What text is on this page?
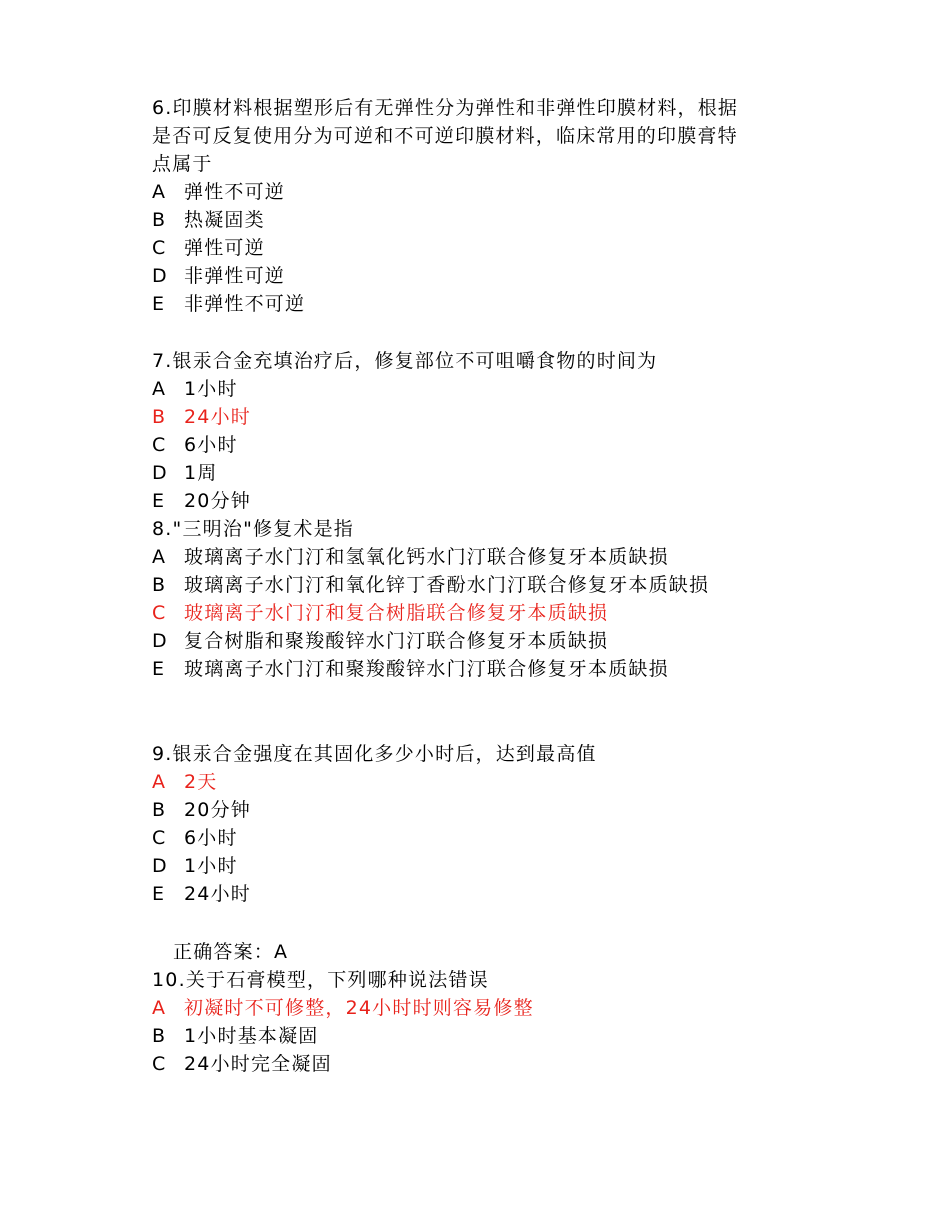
6.印膜材料根据塑形后有无弹性分为弹性和非弹性印膜材料，根据
是否可反复使用分为可逆和不可逆印膜材料，临床常用的印膜膏特
点属于
A 弹性不可逆
B 热凝固类
C 弹性可逆
D 非弹性可逆
E 非弹性不可逆
7.银汞合金充填治疗后，修复部位不可咀嚼食物的时间为
A 1小时
B 24小时
C 6小时
D 1周
E 20分钟
8."三明治"修复术是指
A 玻璃离子水门汀和氢氧化钙水门汀联合修复牙本质缺损
B 玻璃离子水门汀和氧化锌丁香酚水门汀联合修复牙本质缺损
C 玻璃离子水门汀和复合树脂联合修复牙本质缺损
D 复合树脂和聚羧酸锌水门汀联合修复牙本质缺损
E 玻璃离子水门汀和聚羧酸锌水门汀联合修复牙本质缺损
9.银汞合金强度在其固化多少小时后，达到最高值
A 2天
B 20分钟
C 6小时
D 1小时
E 24小时
正确答案：A
10.关于石膏模型，下列哪种说法错误
A 初凝时不可修整，24小时时则容易修整
B 1小时基本凝固
C 24小时完全凝固
